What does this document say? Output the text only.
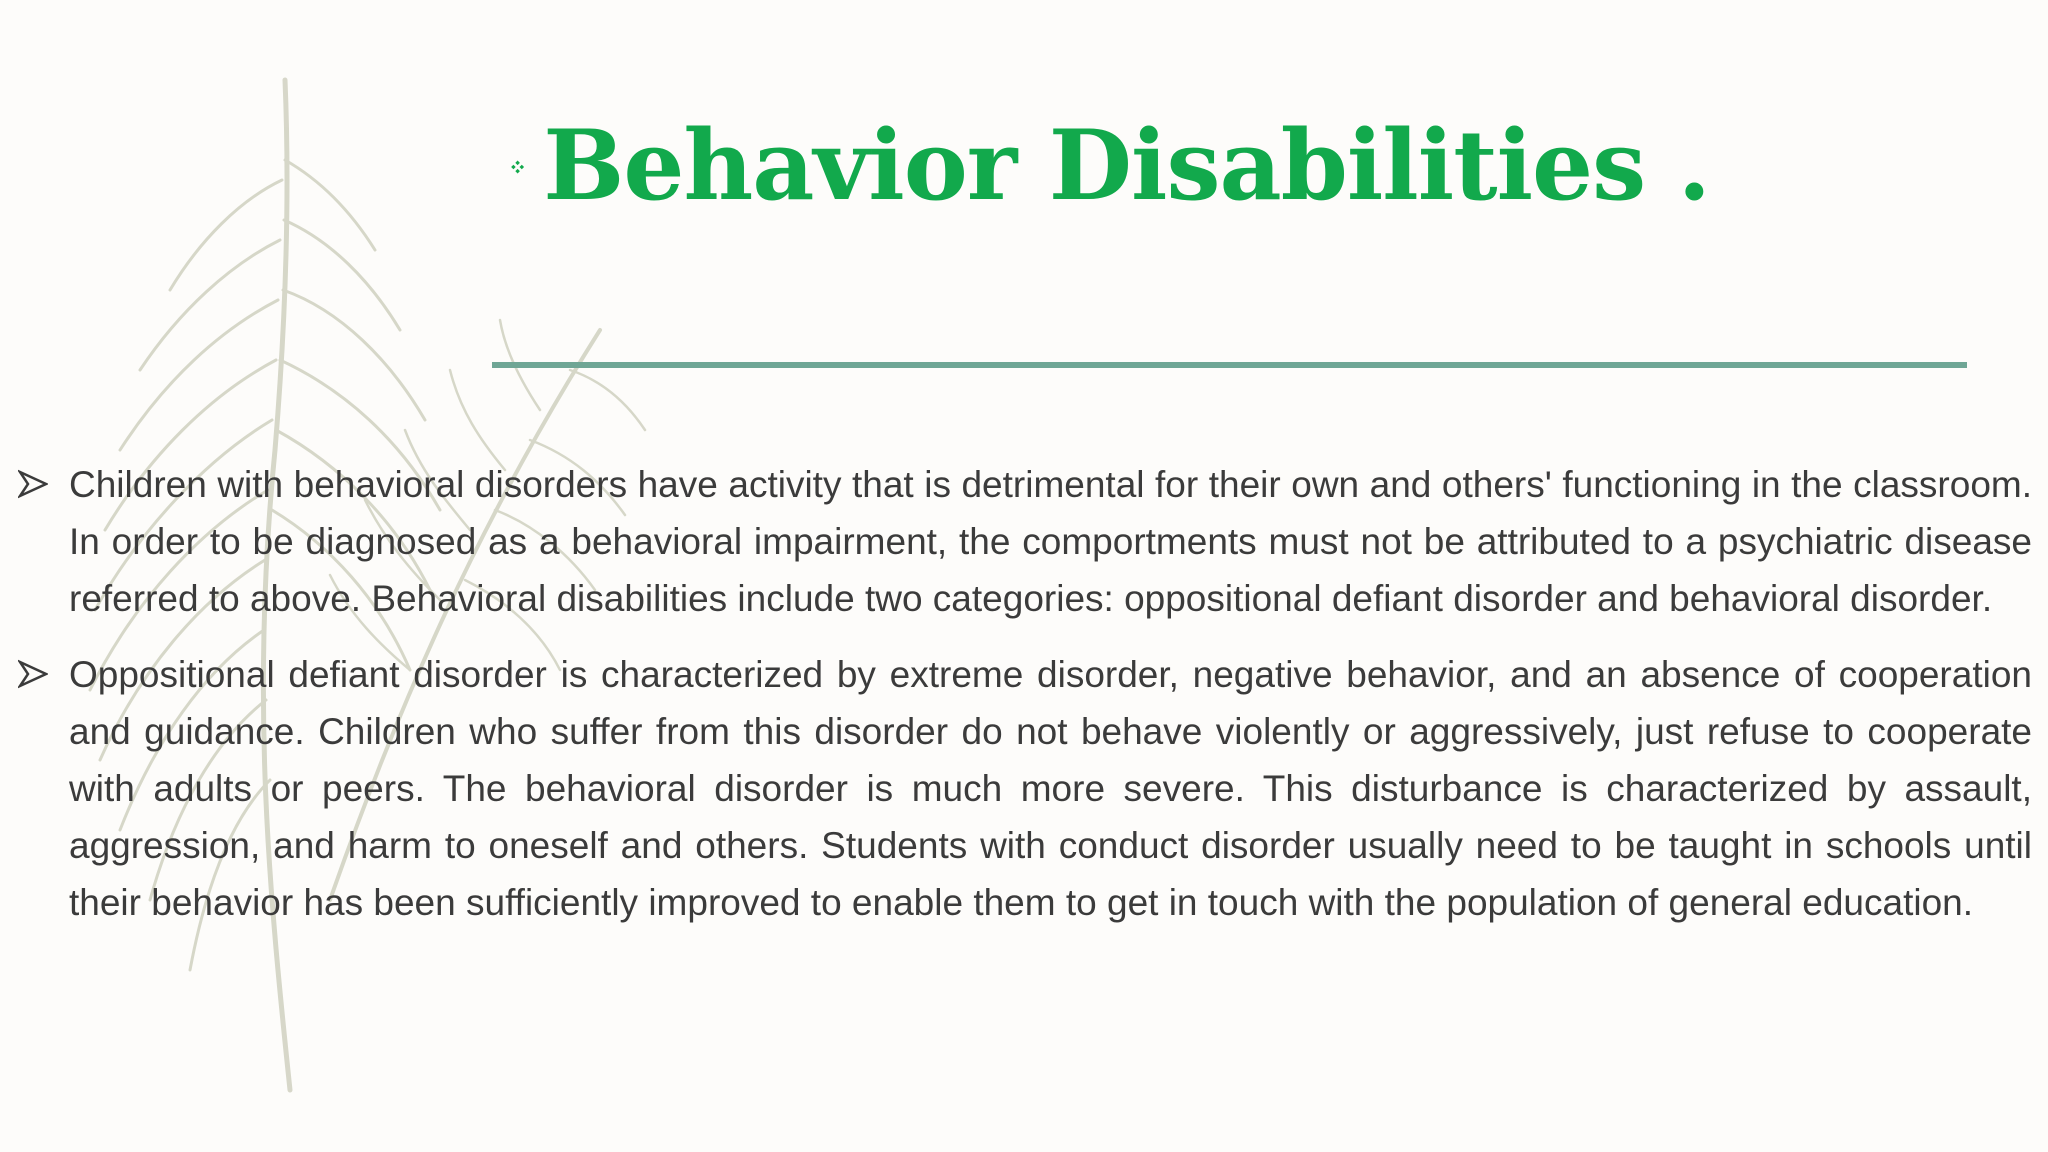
Behavior Disabilities .
Children with behavioral disorders have activity that is detrimental for their own and others' functioning in the classroom. In order to be diagnosed as a behavioral impairment, the comportments must not be attributed to a psychiatric disease referred to above. Behavioral disabilities include two categories: oppositional defiant disorder and behavioral disorder.
Oppositional defiant disorder is characterized by extreme disorder, negative behavior, and an absence of cooperation and guidance. Children who suffer from this disorder do not behave violently or aggressively, just refuse to cooperate with adults or peers. The behavioral disorder is much more severe. This disturbance is characterized by assault, aggression, and harm to oneself and others. Students with conduct disorder usually need to be taught in schools until their behavior has been sufficiently improved to enable them to get in touch with the population of general education.
